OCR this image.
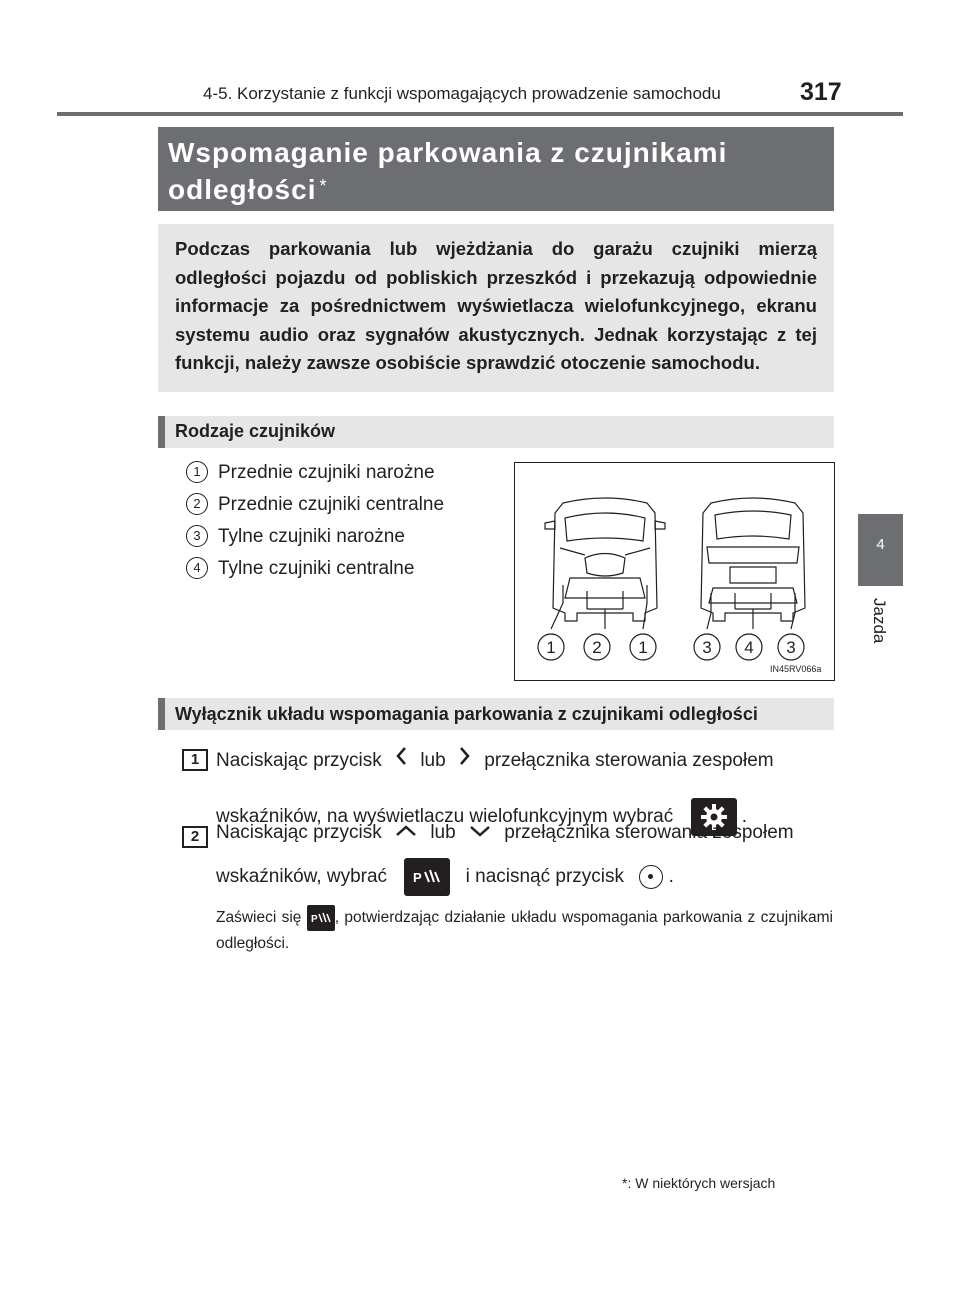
4-5. Korzystanie z funkcji wspomagających prowadzenie samochodu	317
4
Jazda
Wspomaganie parkowania z czujnikami odległości *
Podczas parkowania lub wjeżdżania do garażu czujniki mierzą odległości pojazdu od pobliskich przeszkód i przekazują odpowiednie informacje za pośrednictwem wyświetlacza wielofunkcyjnego, ekranu systemu audio oraz sygnałów akustycznych. Jednak korzystając z tej funkcji, należy zawsze osobiście sprawdzić otoczenie samochodu.
Rodzaje czujników
1 Przednie czujniki narożne
2 Przednie czujniki centralne
3 Tylne czujniki narożne
4 Tylne czujniki centralne
1 2 1	3 4 3
IN45RV066a
Wyłącznik układu wspomagania parkowania z czujnikami odległości
1 Naciskając przycisk lub przełącznika sterowania zespołem
wskaźników, na wyświetlaczu wielofunkcyjnym wybrać	.
2 Naciskając przycisk	lub	przełącznika sterowania zespołem
wskaźników, wybrać P i nacisnąć przycisk .
Zaświeci się P , potwierdzając działanie układu wspomagania parkowania z czujnikami odległości.
*: W niektórych wersjach
